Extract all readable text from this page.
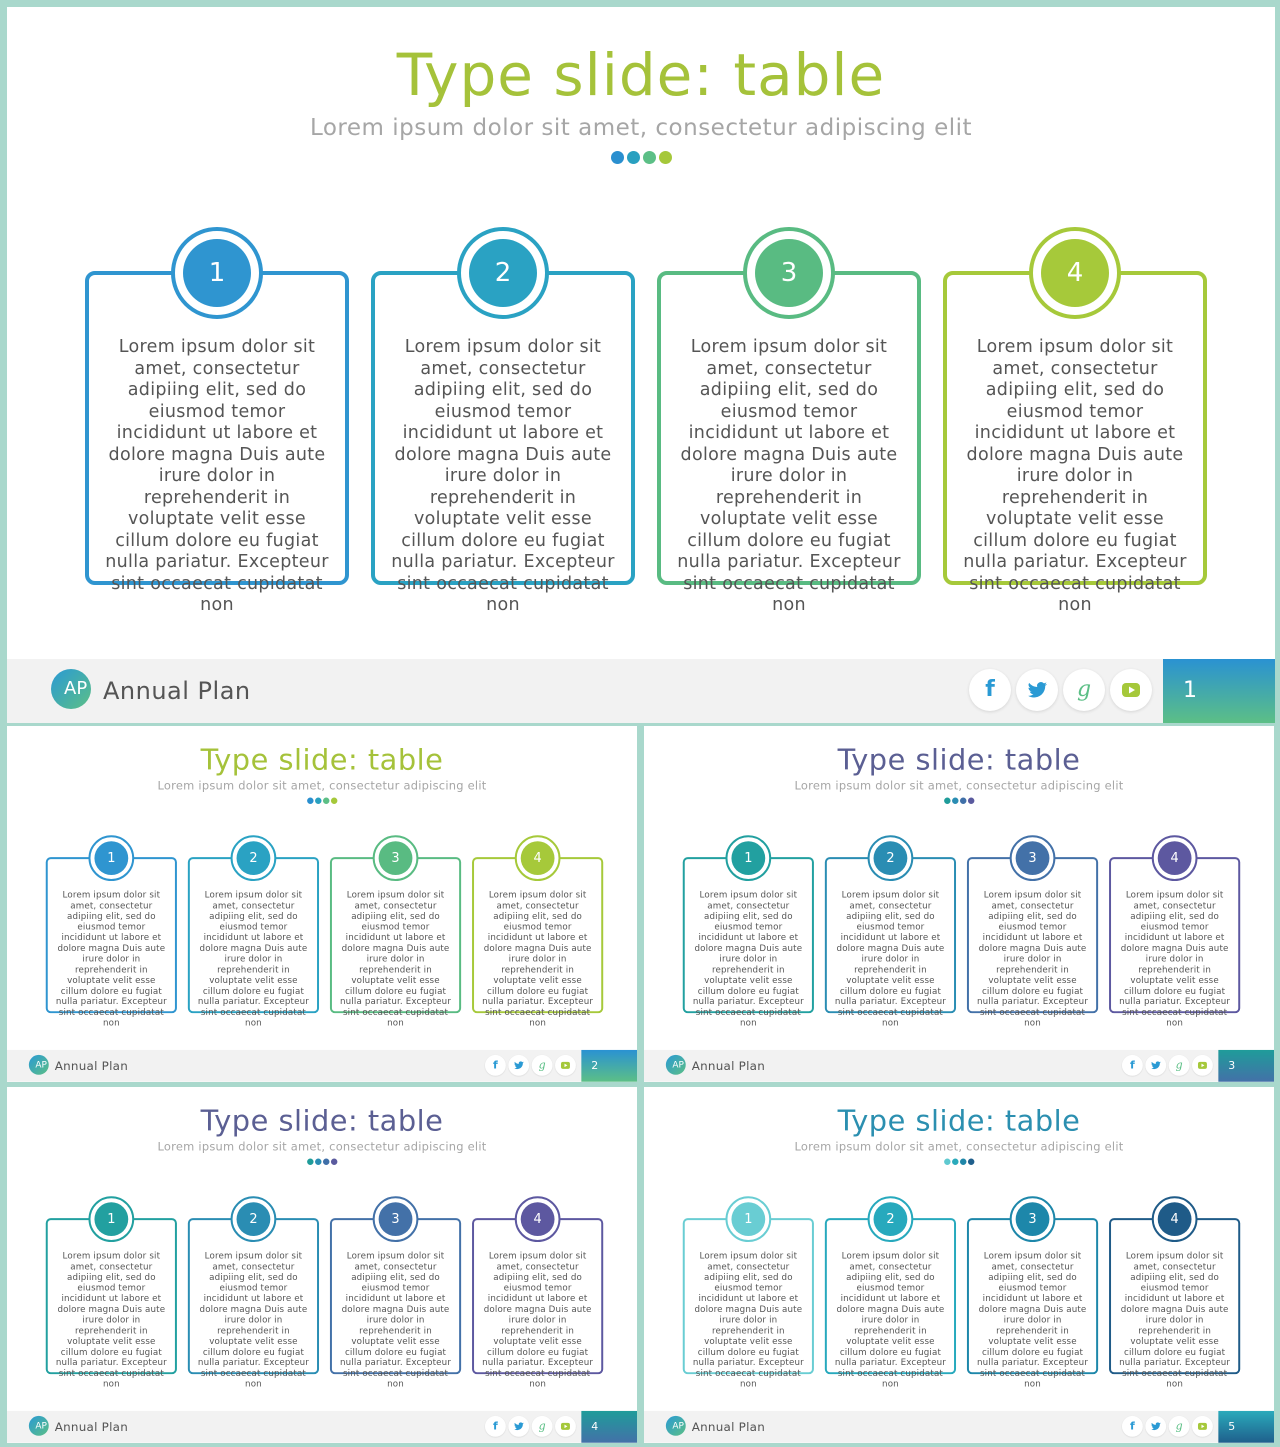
Type slide: table
Lorem ipsum dolor sit amet, consectetur adipiscing elit
1
Lorem ipsum dolor sit amet, consectetur adipiing elit, sed do eiusmod temor incididunt ut labore et dolore magna Duis aute irure dolor in reprehenderit in voluptate velit esse cillum dolore eu fugiat nulla pariatur. Excepteur sint occaecat cupidatat non
2
Lorem ipsum dolor sit amet, consectetur adipiing elit, sed do eiusmod temor incididunt ut labore et dolore magna Duis aute irure dolor in reprehenderit in voluptate velit esse cillum dolore eu fugiat nulla pariatur. Excepteur sint occaecat cupidatat non
3
Lorem ipsum dolor sit amet, consectetur adipiing elit, sed do eiusmod temor incididunt ut labore et dolore magna Duis aute irure dolor in reprehenderit in voluptate velit esse cillum dolore eu fugiat nulla pariatur. Excepteur sint occaecat cupidatat non
4
Lorem ipsum dolor sit amet, consectetur adipiing elit, sed do eiusmod temor incididunt ut labore et dolore magna Duis aute irure dolor in reprehenderit in voluptate velit esse cillum dolore eu fugiat nulla pariatur. Excepteur sint occaecat cupidatat non
AP Annual Plan	f	g	1
Type slide: table
Lorem ipsum dolor sit amet, consectetur adipiscing elit
1
Lorem ipsum dolor sit amet, consectetur adipiing elit, sed do eiusmod temor incididunt ut labore et dolore magna Duis aute irure dolor in reprehenderit in voluptate velit esse cillum dolore eu fugiat nulla pariatur. Excepteur sint occaecat cupidatat non
2
Lorem ipsum dolor sit amet, consectetur adipiing elit, sed do eiusmod temor incididunt ut labore et dolore magna Duis aute irure dolor in reprehenderit in voluptate velit esse cillum dolore eu fugiat nulla pariatur. Excepteur sint occaecat cupidatat non
3
Lorem ipsum dolor sit amet, consectetur adipiing elit, sed do eiusmod temor incididunt ut labore et dolore magna Duis aute irure dolor in reprehenderit in voluptate velit esse cillum dolore eu fugiat nulla pariatur. Excepteur sint occaecat cupidatat non
4
Lorem ipsum dolor sit amet, consectetur adipiing elit, sed do eiusmod temor incididunt ut labore et dolore magna Duis aute irure dolor in reprehenderit in voluptate velit esse cillum dolore eu fugiat nulla pariatur. Excepteur sint occaecat cupidatat non
AP Annual Plan	f g	2
Type slide: table
Lorem ipsum dolor sit amet, consectetur adipiscing elit
1
Lorem ipsum dolor sit amet, consectetur adipiing elit, sed do eiusmod temor incididunt ut labore et dolore magna Duis aute irure dolor in reprehenderit in voluptate velit esse cillum dolore eu fugiat nulla pariatur. Excepteur sint occaecat cupidatat non
2
Lorem ipsum dolor sit amet, consectetur adipiing elit, sed do eiusmod temor incididunt ut labore et dolore magna Duis aute irure dolor in reprehenderit in voluptate velit esse cillum dolore eu fugiat nulla pariatur. Excepteur sint occaecat cupidatat non
3
Lorem ipsum dolor sit amet, consectetur adipiing elit, sed do eiusmod temor incididunt ut labore et dolore magna Duis aute irure dolor in reprehenderit in voluptate velit esse cillum dolore eu fugiat nulla pariatur. Excepteur sint occaecat cupidatat non
4
Lorem ipsum dolor sit amet, consectetur adipiing elit, sed do eiusmod temor incididunt ut labore et dolore magna Duis aute irure dolor in reprehenderit in voluptate velit esse cillum dolore eu fugiat nulla pariatur. Excepteur sint occaecat cupidatat non
AP Annual Plan	f g	3
Type slide: table
Lorem ipsum dolor sit amet, consectetur adipiscing elit
1
Lorem ipsum dolor sit amet, consectetur adipiing elit, sed do eiusmod temor incididunt ut labore et dolore magna Duis aute irure dolor in reprehenderit in voluptate velit esse cillum dolore eu fugiat nulla pariatur. Excepteur sint occaecat cupidatat non
2
Lorem ipsum dolor sit amet, consectetur adipiing elit, sed do eiusmod temor incididunt ut labore et dolore magna Duis aute irure dolor in reprehenderit in voluptate velit esse cillum dolore eu fugiat nulla pariatur. Excepteur sint occaecat cupidatat non
3
Lorem ipsum dolor sit amet, consectetur adipiing elit, sed do eiusmod temor incididunt ut labore et dolore magna Duis aute irure dolor in reprehenderit in voluptate velit esse cillum dolore eu fugiat nulla pariatur. Excepteur sint occaecat cupidatat non
4
Lorem ipsum dolor sit amet, consectetur adipiing elit, sed do eiusmod temor incididunt ut labore et dolore magna Duis aute irure dolor in reprehenderit in voluptate velit esse cillum dolore eu fugiat nulla pariatur. Excepteur sint occaecat cupidatat non
AP Annual Plan	f g	4
Type slide: table
Lorem ipsum dolor sit amet, consectetur adipiscing elit
1
Lorem ipsum dolor sit amet, consectetur adipiing elit, sed do eiusmod temor incididunt ut labore et dolore magna Duis aute irure dolor in reprehenderit in voluptate velit esse cillum dolore eu fugiat nulla pariatur. Excepteur sint occaecat cupidatat non
2
Lorem ipsum dolor sit amet, consectetur adipiing elit, sed do eiusmod temor incididunt ut labore et dolore magna Duis aute irure dolor in reprehenderit in voluptate velit esse cillum dolore eu fugiat nulla pariatur. Excepteur sint occaecat cupidatat non
3
Lorem ipsum dolor sit amet, consectetur adipiing elit, sed do eiusmod temor incididunt ut labore et dolore magna Duis aute irure dolor in reprehenderit in voluptate velit esse cillum dolore eu fugiat nulla pariatur. Excepteur sint occaecat cupidatat non
4
Lorem ipsum dolor sit amet, consectetur adipiing elit, sed do eiusmod temor incididunt ut labore et dolore magna Duis aute irure dolor in reprehenderit in voluptate velit esse cillum dolore eu fugiat nulla pariatur. Excepteur sint occaecat cupidatat non
AP Annual Plan	f g	5
